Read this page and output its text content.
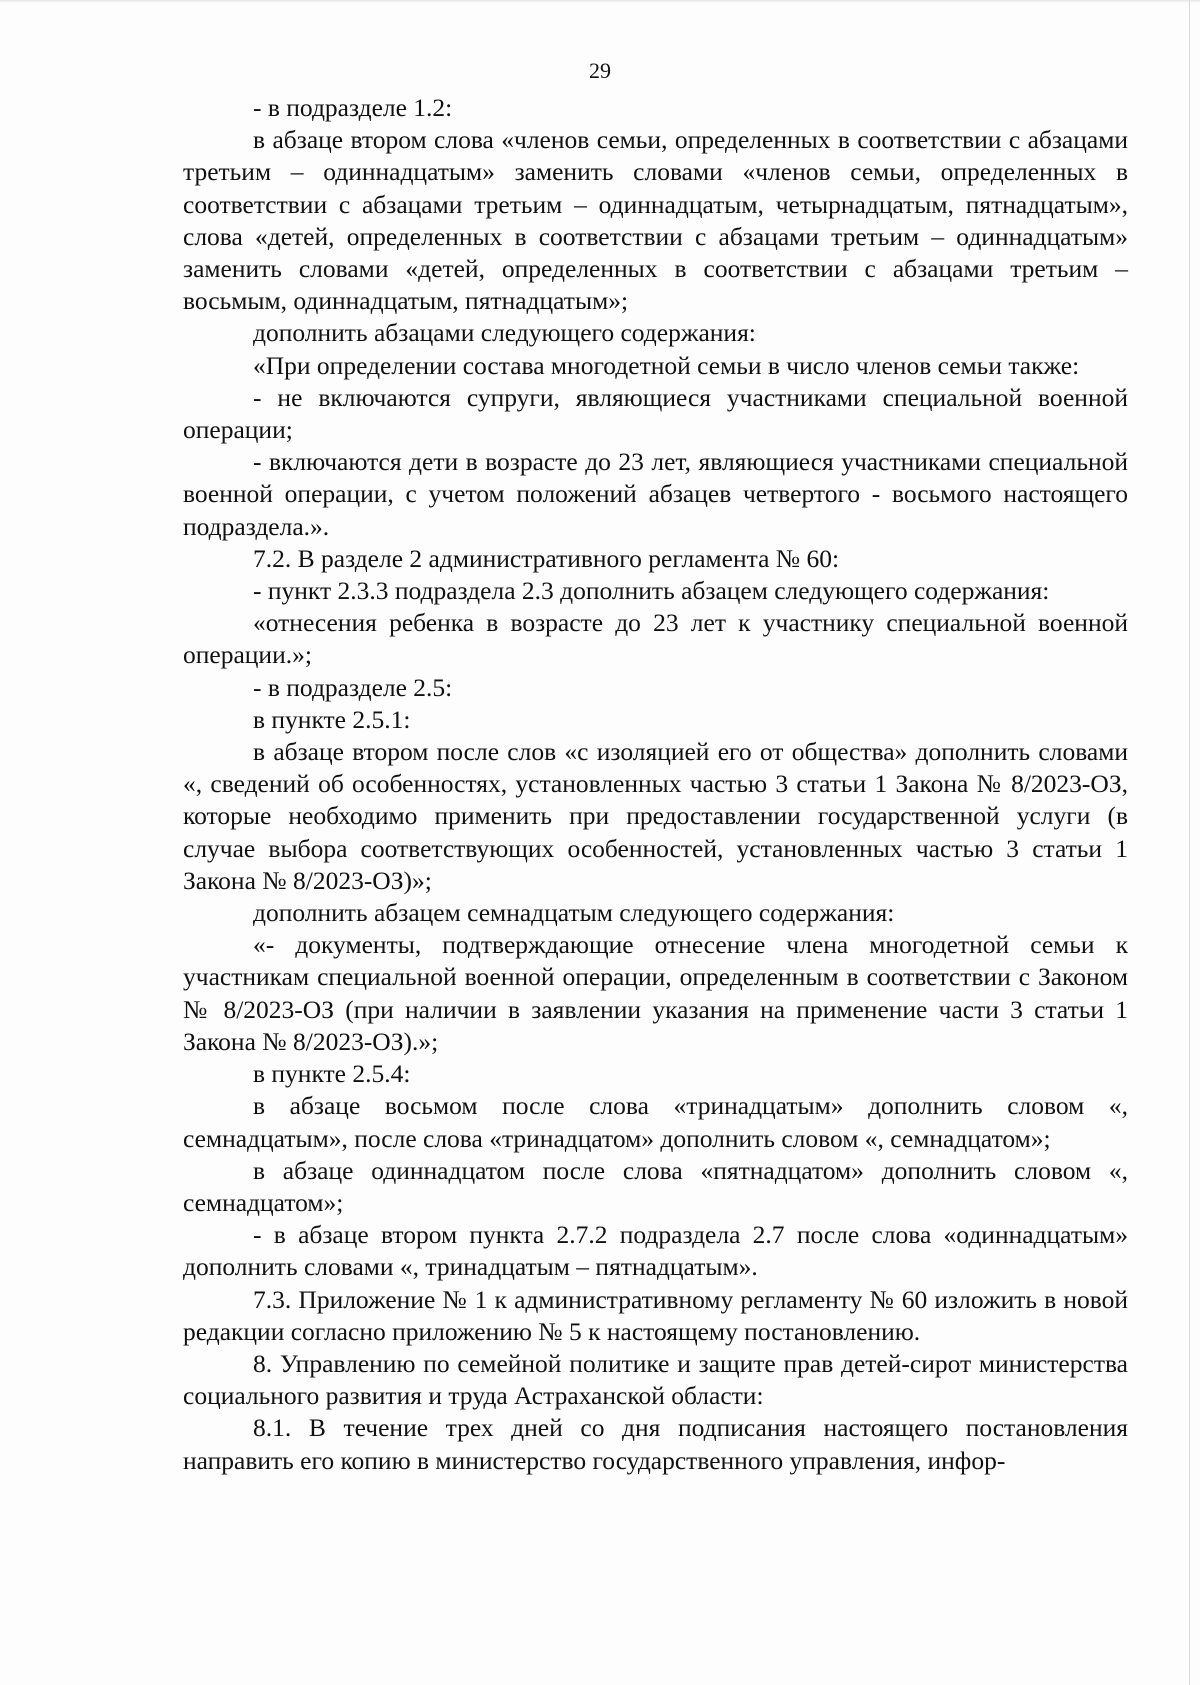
29

- в подразделе 1.2:

в абзаце втором слова «членов семьи, определенных в соответствии с абзацами третьим – одиннадцатым» заменить словами «членов семьи, определенных в соответствии с абзацами третьим – одиннадцатым, четырнадцатым, пятнадцатым», слова «детей, определенных в соответствии с абзацами третьим – одиннадцатым» заменить словами «детей, определенных в соответствии с абзацами третьим – восьмым, одиннадцатым, пятнадцатым»;

дополнить абзацами следующего содержания:

«При определении состава многодетной семьи в число членов семьи также:

- не включаются супруги, являющиеся участниками специальной военной операции;

- включаются дети в возрасте до 23 лет, являющиеся участниками специальной военной операции, с учетом положений абзацев четвертого - восьмого настоящего подраздела.».

7.2. В разделе 2 административного регламента № 60:

- пункт 2.3.3 подраздела 2.3 дополнить абзацем следующего содержания:

«отнесения ребенка в возрасте до 23 лет к участнику специальной военной операции.»;

- в подразделе 2.5:

в пункте 2.5.1:

в абзаце втором после слов «с изоляцией его от общества» дополнить словами «, сведений об особенностях, установленных частью 3 статьи 1 Закона № 8/2023-ОЗ, которые необходимо применить при предоставлении государственной услуги (в случае выбора соответствующих особенностей, установленных частью 3 статьи 1 Закона № 8/2023-ОЗ)»;

дополнить абзацем семнадцатым следующего содержания:

«- документы, подтверждающие отнесение члена многодетной семьи к участникам специальной военной операции, определенным в соответствии с Законом № 8/2023-ОЗ (при наличии в заявлении указания на применение части 3 статьи 1 Закона № 8/2023-ОЗ).»;

в пункте 2.5.4:

в абзаце восьмом после слова «тринадцатым» дополнить словом «, семнадцатым», после слова «тринадцатом» дополнить словом «, семнадцатом»;

в абзаце одиннадцатом после слова «пятнадцатом» дополнить словом «, семнадцатом»;

- в абзаце втором пункта 2.7.2 подраздела 2.7 после слова «одиннадцатым» дополнить словами «, тринадцатым – пятнадцатым».

7.3. Приложение № 1 к административному регламенту № 60 изложить в новой редакции согласно приложению № 5 к настоящему постановлению.

8. Управлению по семейной политике и защите прав детей-сирот министерства социального развития и труда Астраханской области:

8.1. В течение трех дней со дня подписания настоящего постановления направить его копию в министерство государственного управления, инфор-
